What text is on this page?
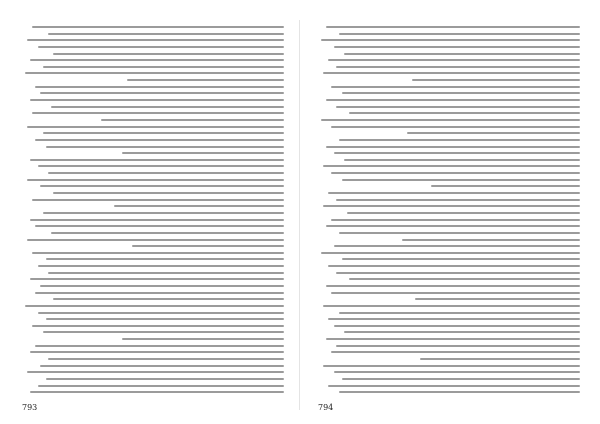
793	794
